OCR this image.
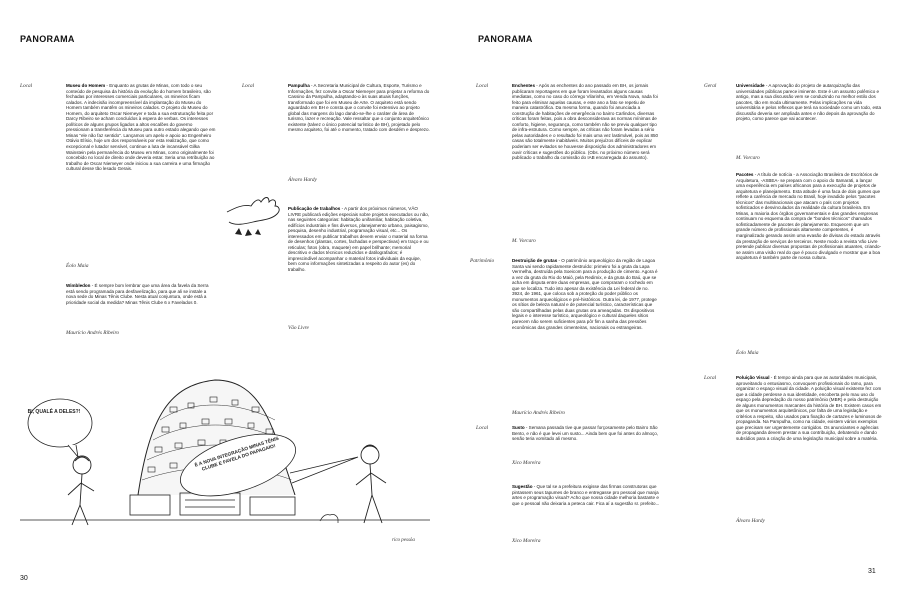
PANORAMA
Local	Museu do Homem - Enquanto as grutas de Minas, com todo o seu conteúdo de pesquisa da história da evolução do homem brasileiro, são fechadas por interesses comerciais particulares, os mineiros ficam calados. A indecisão incompreensível da implantação do Museu do Homem também mantêm os mineiros calados. O projeto do Museu do Homem, do arquiteto Oscar Niemeyer e toda a sua estruturação feita por Darcy Ribeiro se acham concluídos à espera de verbas. Os interesses políticos de alguns grupos ligados a altos escalões do governo pressionam a transferência do Museu para outro estado alegando que em Minas "ele não faz sentido". Lançamos um apelo e apoio ao Engenheiro Otávio Elísio, hoje um dos responsáveis por esta realização, que como excepcional e lutador sensível, continue a luta de incansável Gilka Wainstein pela permanência do Museu em Minas, como originalmente foi concebido no local de direito onde deveria estar. Seria uma retribuição ao trabalho de Oscar Niemeyer onde iniciou a sua carreira e uma firmação cultural desse tão lesado Gerais.

Éolo Maia

Wimbledon - É sempre bom lembrar que uma área da favela da Serra está sendo programada para desfavelização, para que ali se instale a nova sede do Minas Tênis Clube. Nesta atual conjuntura, onde está a prioridade social da medida? Minas Tênis Clube 6 x Favelados 0.

Maurício Andrés Ribeiro
Local	Pampulha - A Secretaria Municipal de Cultura, Esporte, Turismo e Informações, fez convite a Oscar Niemeyer para projetar a reforma do Cassino da Pampulha, adaptando-o às suas atuais funções, transformado que foi em Museu de Arte. O arquiteto está sendo aguardado em BH e consta que o convite foi extensivo ao projeto global das margens do lago dando-se-lhe o caráter de área de turismo, lazer e recreação. Vale ressaltar que o conjunto arquitetônico existente (talvez o único potencial turístico de BH), projetado pelo mesmo arquiteto, foi até o momento, tratado com desdém e desprezo.

Álvaro Hardy

Publicação de trabalhos - A partir dos próximos números, VÃO LIVRE publicará edições especiais sobre projetos executados ou não, nas seguintes categorias: habitação unifamiliar, habitação coletiva, edifícios industriais e fins diversos, planejamento urbano, paisagismo, pesquisa, desenho industrial, programação visual, etc... Os interessados em publicar trabalhos devem enviar o material na forma de desenhos (plantas, cortes, fachadas e perspectivas) em traço e ou reticulas; fotos (obra, maquete) em papel brilhante; memorial descritivo e dados técnicos reduzidos e datilografados; é imprescindível acompanhar o material fotos individuais da equipe, bem como informações sintetizadas a respeito do autor (es) do trabalho.

Vão Livre
Bi, QUALÉ A DELES?!
É A NOVA INTEGRAÇÃO MINAS TÊNIS CLUBE E FAVELA DO PAPAGAIO!
rico pessôa
30
PANORAMA
Local	Enchentes - Após as enchentes do ano passado em BH, os jornais publicaram reportagens em que foram levantados alguns causas imediatas, como no caso do córrego Vilarinho, em Venda Nova, nada foi feito para eliminar aquelas causas, e este ano a fato se repetiu de maneira catastrófica. Da mesma forma, quando foi anunciada a construção de habitações de emergência no bairro Carlindos, diversas críticas foram feitas, pois a obra desconsiderava as normas mínimas de conforto, higiene, segurança, como também não se previu qualquer tipo de infra-estrutura. Como sempre, as críticas não foram levadas a sério pelas autoridades e o resultado foi mais uma vez lastimável, pois as 850 casas são totalmente inabitáveis. Muitos prejuízos difíceis de explicar poderiam ser evitados se houvesse disposição dos administradores em ouvir críticas e sugestões do público. (Obs. no próximo número será publicado o trabalho da comissão do IAB encarregada do assunto).

M. Vorcaro
Patrimônio	Destruição de grutas - O patrimônio arqueológico da região de Lagoa Santa vai sendo rapidamente destruído: primeiro foi a gruta da Lapa Vermelha, destruída pela Soeicom para a produção de cimento. Agora é a vez da gruta do Rio do Maió, pela Redimix, e da gruta do Baú, que se acha em disputa entre duas empresas, que compraram o rochedo em que se localiza. Tudo isto apesar da existência da Lei federal de no. 3924, de 1961, que coloca sob a proteção do poder público os monumentos arqueológicos e pré-históricos. Outra lei, de 1977, protege os sítios de beleza natural e de potencial turístico, características que são compartilhadas pelas duas grutas ora ameaçadas. Os dispositivos legais e o interesse turístico, arqueológico e cultural daqueles sítios parecem não serem suficientes para pôr fim a sanha das pressões econômicas das grandes cimenteiras, nacionais ou estrangeiras.

Maurício Andrés Ribeiro
Local	Susto - Semana passada tive que passar forçosamente pelo Bairro São Bento, e não é que levei um susto... Ainda bem que foi antes do almoço, senão teria vomitado ali mesmo.

Xico Moreira

Sugestão - Que tal se a prefeitura exigisse das firmas construtoras que pintassem seus tapumes de branco e entregasse pro pessoal que manja artes e programação visual? Acho que nossa cidade melhoria bastante e que o pessoal não deixaria a peteca cair. Fica aí a sugestão sr. prefeito...

Xico Moreira
Geral	Universidade - A aprovação do projeto de autarquização das universidades públicas parece iminente. Este é um assunto polêmico e antigo, mas a sua discussão vem se conduzindo no melhor estilo dos pacotes, tão em moda ultimamente. Pelas implicações na vida universitária e pelos reflexos que terá na sociedade como um todo, esta discussão deveria ser ampliada antes e não depois da aprovação do projeto, como parece que vai acontecer.

M. Vorcaro

Pacotes - A título de notícia - a Associação Brasileira de Escritórios de Arquitetura, -ASBEA- se prepara com o apoio do Itamarati, a lançar uma experiência em países africanos para a execução de projetos de arquitetura e planejamento. Esta atitude é uma faca de dois gumes que reflete a carência de mercado no Brasil, hoje invadido pelos "pacotes técnicos" das multinacionais que atacam o país com projetos sofisticados e desvinculados da realidade da cultura brasileira. Em Minas, a maioria dos órgãos governamentais e das grandes empresas continuam no esquema da compra de "bondes técnicos" chamados sofisticadamente de pacotes de planejamento. Esquecem que um grande número de profissionais altamente competentes, é marginalizado gerando assim uma evasão de divisas do estado através da prestação de serviços de terceiros. Neste modo a revista Vão Livre pretende publicar diversas propostas de profissionais atuantes, criando-se assim uma visão real do que é pouco divulgado e mostrar que a boa arquitetura é também parte de nossa cultura.

Éolo Maia
Local	Poluição Visual - É tempo ainda para que as autoridades municipais, aproveitando o entusiasmo, convoquem profissionais do ramo, para organizar o espaço visual da cidade. A poluição visual existente fez com que a cidade perdesse a sua identidade, encoberta pelo mau uso do espaço pela depredação do nosso patrimônio (MBR) e pela destruição de alguns monumentos marcantes da história de BH. Existem casos em que os monumentos arquitetônicos, por falta de uma legislação e critérios a respeito, são usados para fixação de cartazes e luminosos de propaganda. Na Pampulha, como na cidade, existem vários exemplos que precisam ser urgentemente corrigidos. Os anunciantes e agências de propaganda devem prestar a sua contribuição, debatendo e dando subsídios para a criação de uma legislação municipal sobre a matéria.

Álvaro Hardy
31
